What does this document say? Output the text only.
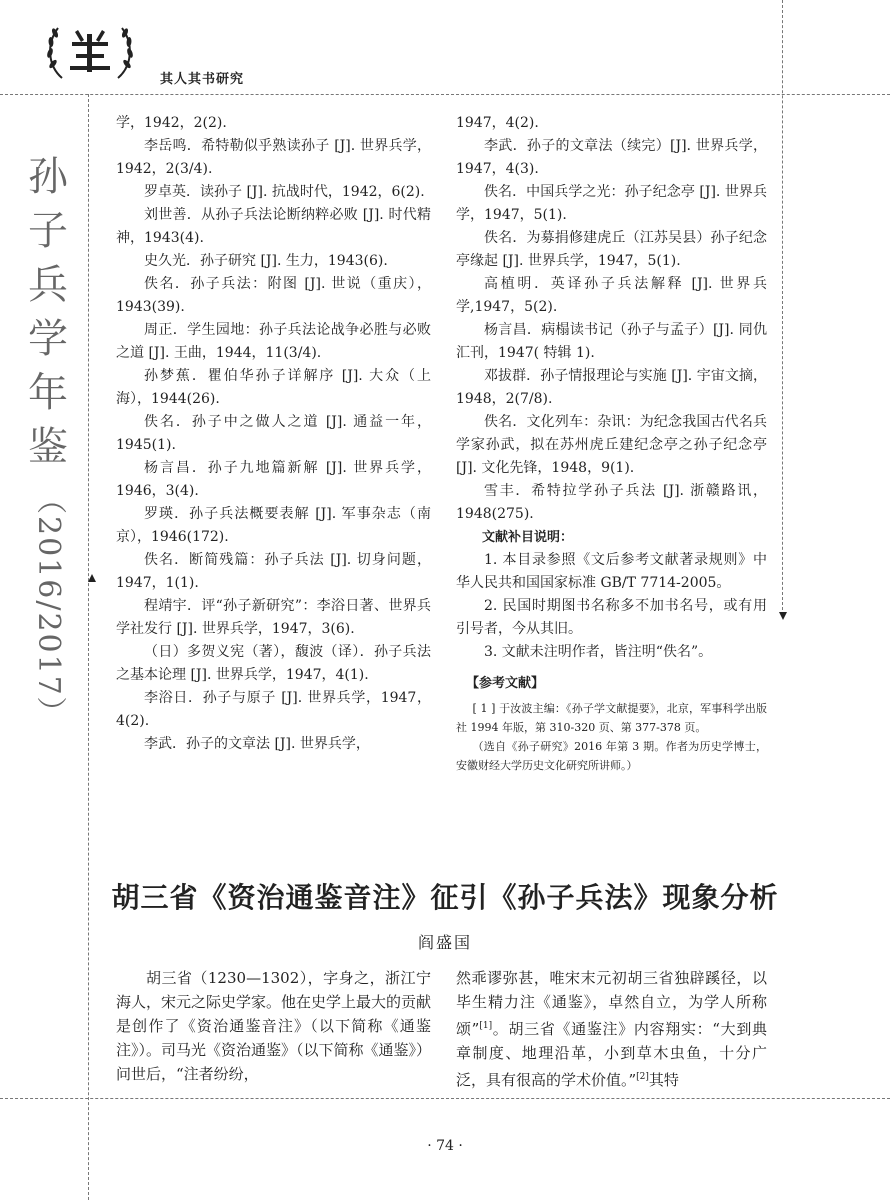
其人其书研究
孙
子
兵
学
年
鉴
（2016/2017）

学，1942，2(2).

李岳鸣．希特勒似乎熟读孙子 [J]. 世界兵学，1942，2(3/4).

罗卓英．读孙子 [J]. 抗战时代，1942，6(2).

刘世善．从孙子兵法论断纳粹必败 [J]. 时代精神，1943(4).

史久光．孙子研究 [J]. 生力，1943(6).

佚名．孙子兵法：附图 [J]. 世说（重庆），1943(39).

周正．学生园地：孙子兵法论战争必胜与必败之道 [J]. 王曲，1944，11(3/4).

孙梦蕉．瞿伯华孙子详解序 [J]. 大众（上海），1944(26).

佚名．孙子中之做人之道 [J]. 通益一年，1945(1).

杨言昌．孙子九地篇新解 [J]. 世界兵学，1946，3(4).

罗瑛．孙子兵法概要表解 [J]. 军事杂志（南京），1946(172).

佚名．断简残篇：孙子兵法 [J]. 切身问题，1947，1(1).

程靖宇．评“孙子新研究”：李浴日著、世界兵学社发行 [J]. 世界兵学，1947，3(6).

（日）多贺义宪（著），馥波（译）．孙子兵法之基本论理 [J]. 世界兵学，1947，4(1).

李浴日．孙子与原子 [J]. 世界兵学，1947，4(2).

李武．孙子的文章法 [J]. 世界兵学，

1947，4(2).

李武．孙子的文章法（续完）[J]. 世界兵学，1947，4(3).

佚名．中国兵学之光：孙子纪念亭 [J]. 世界兵学，1947，5(1).

佚名．为募捐修建虎丘（江苏吴县）孙子纪念亭缘起 [J]. 世界兵学，1947，5(1).

高植明．英译孙子兵法解释 [J]. 世界兵学,1947，5(2).

杨言昌．病榻读书记（孙子与孟子）[J]. 同仇汇刊，1947( 特辑 1).

邓拔群．孙子情报理论与实施 [J]. 宇宙文摘，1948，2(7/8).

佚名．文化列车：杂讯：为纪念我国古代名兵学家孙武，拟在苏州虎丘建纪念亭之孙子纪念亭 [J]. 文化先锋，1948，9(1).

雪丰．希特拉学孙子兵法 [J]. 浙赣路讯，1948(275).

文献补目说明：

1. 本目录参照《文后参考文献著录规则》中华人民共和国国家标准 GB/T 7714-2005。

2. 民国时期图书名称多不加书名号，或有用引号者，今从其旧。

3. 文献未注明作者，皆注明“佚名”。

【参考文献】

[ 1 ] 于汝波主编：《孙子学文献提要》，北京，军事科学出版社 1994 年版，第 310-320 页、第 377-378 页。

（选自《孙子研究》2016 年第 3 期。作者为历史学博士，安徽财经大学历史文化研究所讲师。）

胡三省《资治通鉴音注》征引《孙子兵法》现象分析
阎盛国

胡三省（1230—1302），字身之，浙江宁海人，宋元之际史学家。他在史学上最大的贡献是创作了《资治通鉴音注》（以下简称《通鉴注》）。司马光《资治通鉴》（以下简称《通鉴》）问世后，“注者纷纷，

然乖谬弥甚，唯宋末元初胡三省独辟蹊径，以毕生精力注《通鉴》，卓然自立，为学人所称颂”[1]。胡三省《通鉴注》内容翔实：“大到典章制度、地理沿革，小到草木虫鱼，十分广泛，具有很高的学术价值。”[2]其特

· 74 ·
